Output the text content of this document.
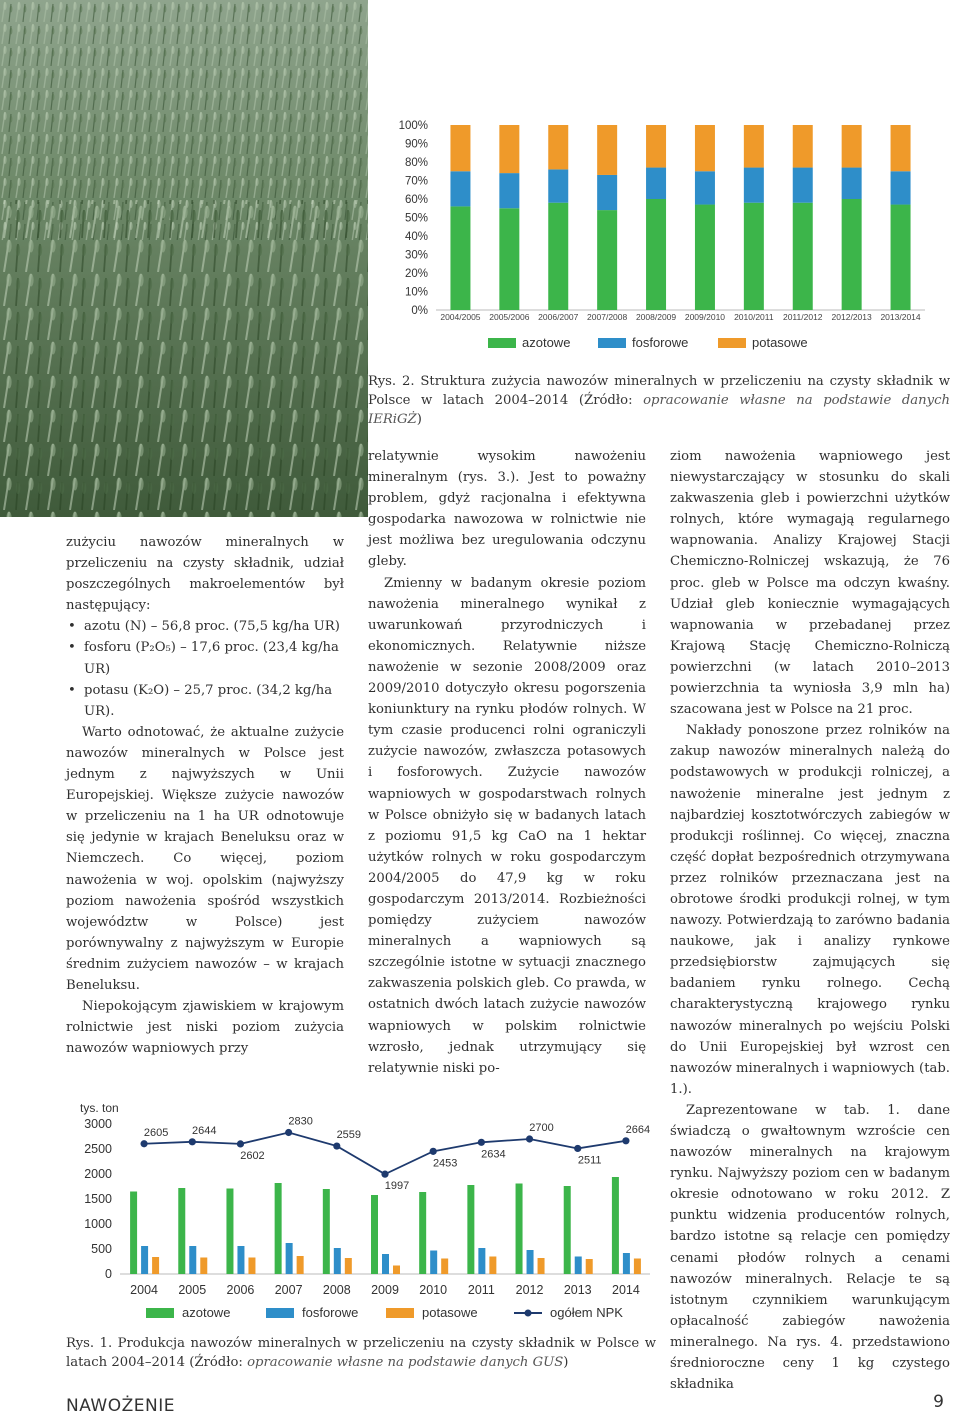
0%
10%
20%
30%
40%
50%
60%
70%
80%
90%
100%
2004/2005 2005/2006 2006/2007 2007/2008 2008/2009 2009/2010 2010/2011 2011/2012 2012/2013 2013/2014
azotowe	fosforowe	potasowe
Rys. 2. Struktura zużycia nawozów mineralnych w przeliczeniu na czysty składnik w Polsce w latach 2004–2014 (Źródło: opracowanie własne na podstawie danych IERiGŻ)

zużyciu nawozów mineralnych w przeliczeniu na czysty składnik, udział poszczególnych makroelementów był następujący:

• azotu (N) – 56,8 proc. (75,5 kg/ha UR)
• fosforu (P₂O₅) – 17,6 proc. (23,4 kg/ha UR)
• potasu (K₂O) – 25,7 proc. (34,2 kg/ha UR).

Warto odnotować, że aktualne zużycie nawozów mineralnych w Polsce jest jednym z najwyższych w Unii Europejskiej. Większe zużycie nawozów w przeliczeniu na 1 ha UR odnotowuje się jedynie w krajach Beneluksu oraz w Niemczech. Co więcej, poziom nawożenia w woj. opolskim (najwyższy poziom nawożenia spośród wszystkich województw w Polsce) jest porównywalny z najwyższym w Europie średnim zużyciem nawozów – w krajach Beneluksu.

Niepokojącym zjawiskiem w krajowym rolnictwie jest niski poziom zużycia nawozów wapniowych przy

relatywnie wysokim nawożeniu mineralnym (rys. 3.). Jest to poważny problem, gdyż racjonalna i efektywna gospodarka nawozowa w rolnictwie nie jest możliwa bez uregulowania odczynu gleby.

Zmienny w badanym okresie poziom nawożenia mineralnego wynikał z uwarunkowań przyrodniczych i ekonomicznych. Relatywnie niższe nawożenie w sezonie 2008/2009 oraz 2009/2010 dotyczyło okresu pogorszenia koniunktury na rynku płodów rolnych. W tym czasie producenci rolni ograniczyli zużycie nawozów, zwłaszcza potasowych i fosforowych. Zużycie nawozów wapniowych w gospodarstwach rolnych w Polsce obniżyło się w badanych latach z poziomu 91,5 kg CaO na 1 hektar użytków rolnych w roku gospodarczym 2004/2005 do 47,9 kg w roku gospodarczym 2013/2014. Rozbieżności pomiędzy zużyciem nawozów mineralnych a wapniowych są szczególnie istotne w sytuacji znacznego zakwaszenia polskich gleb. Co prawda, w ostatnich dwóch latach zużycie nawozów wapniowych w polskim rolnictwie wzrosło, jednak utrzymujący się relatywnie niski po-

ziom nawożenia wapniowego jest niewystarczający w stosunku do skali zakwaszenia gleb i powierzchni użytków rolnych, które wymagają regularnego wapnowania. Analizy Krajowej Stacji Chemiczno-Rolniczej wskazują, że 76 proc. gleb w Polsce ma odczyn kwaśny. Udział gleb koniecznie wymagających wapnowania w przebadanej przez Krajową Stację Chemiczno-Rolniczą powierzchni (w latach 2010–2013 powierzchnia ta wyniosła 3,9 mln ha) szacowana jest w Polsce na 21 proc.

Nakłady ponoszone przez rolników na zakup nawozów mineralnych należą do podstawowych w produkcji rolniczej, a nawożenie mineralne jest jednym z najbardziej kosztotwórczych zabiegów w produkcji roślinnej. Co więcej, znaczna część dopłat bezpośrednich otrzymywana przez rolników przeznaczana jest na obrotowe środki produkcji rolnej, w tym nawozy. Potwierdzają to zarówno badania naukowe, jak i analizy rynkowe przedsiębiorstw zajmujących się badaniem rynku rolnego. Cechą charakterystyczną krajowego rynku nawozów mineralnych po wejściu Polski do Unii Europejskiej był wzrost cen nawozów mineralnych i wapniowych (tab. 1.).

Zaprezentowane w tab. 1. dane świadczą o gwałtownym wzroście cen nawozów mineralnych na krajowym rynku. Najwyższy poziom cen w badanym okresie odnotowano w roku 2012. Z punktu widzenia producentów rolnych, bardzo istotne są relacje cen pomiędzy cenami płodów rolnych a cenami nawozów mineralnych. Relacje te są istotnym czynnikiem warunkującym opłacalność zabiegów nawożenia mineralnego. Na rys. 4. przedstawiono średnioroczne ceny 1 kg czystego składnika

tys. ton
0
500
1000
1500
2000
2500
3000
2605 2644
2602
2830
2559
1997
2453
2634
2700
2511
2664
2004 2005 2006 2007 2008 2009 2010 2011 2012 2013 2014
azotowe	fosforowe	potasowe	ogółem NPK
Rys. 1. Produkcja nawozów mineralnych w przeliczeniu na czysty składnik w Polsce w latach 2004–2014 (Źródło: opracowanie własne na podstawie danych GUS)
NAWOŻENIE	9
